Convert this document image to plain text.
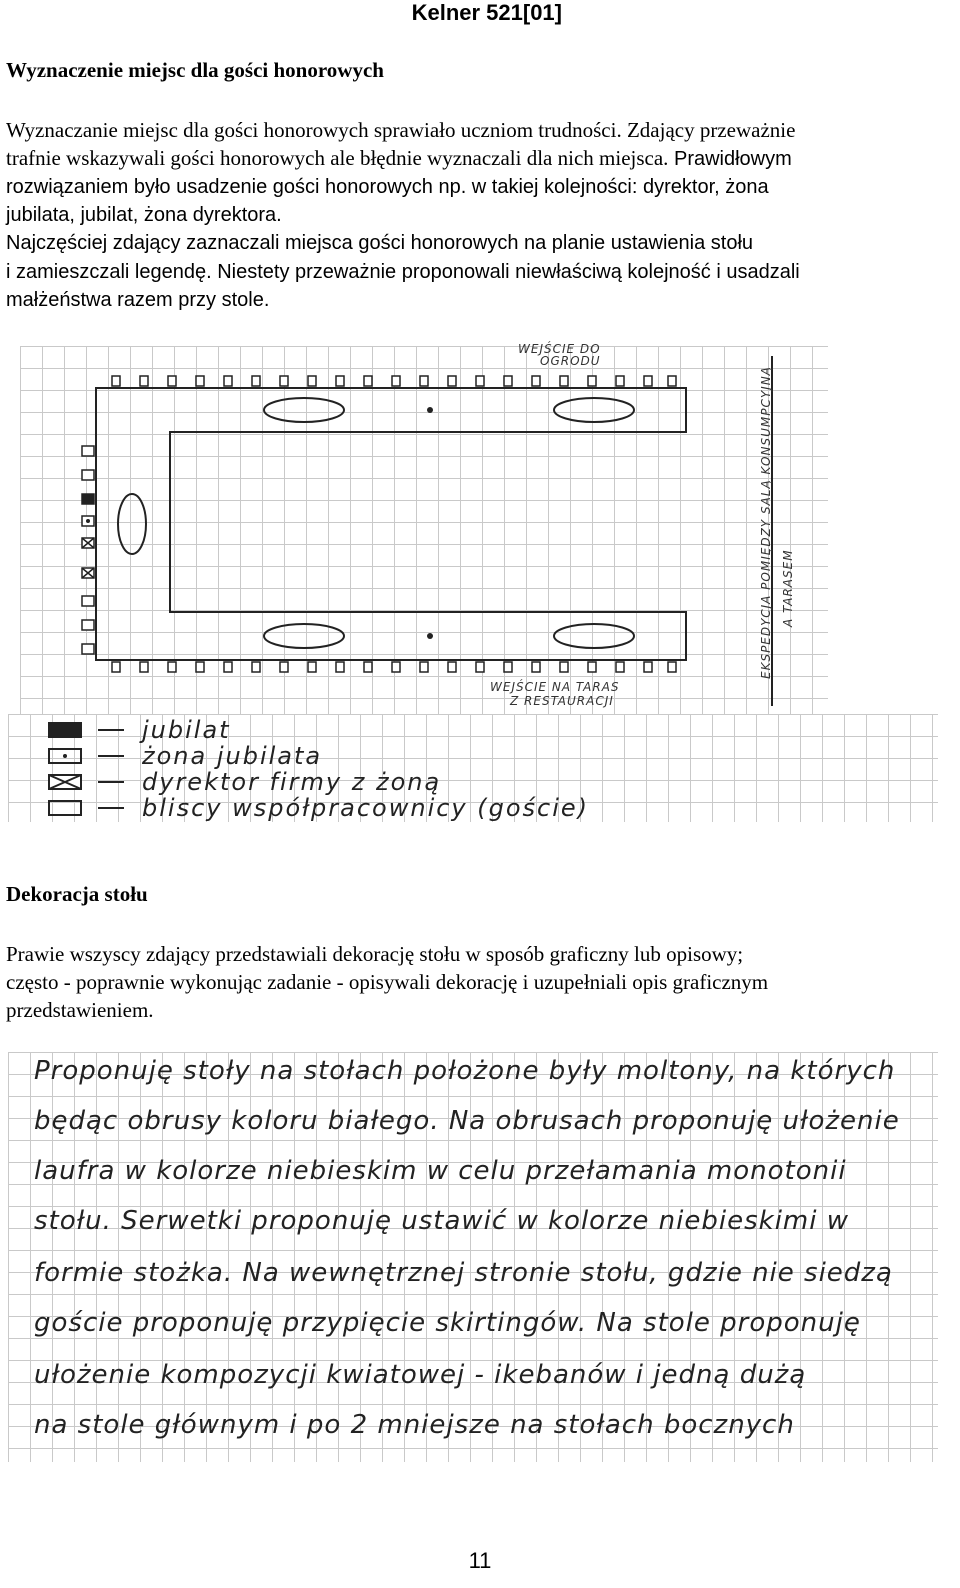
Kelner 521[01]
Wyznaczenie miejsc dla gości honorowych

Wyznaczanie miejsc dla gości honorowych sprawiało uczniom trudności. Zdający przeważnie

trafnie wskazywali gości honorowych ale błędnie wyznaczali dla nich miejsca. Prawidłowym

rozwiązaniem było usadzenie gości honorowych np. w takiej kolejności: dyrektor, żona

jubilata, jubilat, żona dyrektora.

Najczęściej zdający zaznaczali miejsca gości honorowych na planie ustawienia stołu

i zamieszczali legendę. Niestety przeważnie proponowali niewłaściwą kolejność i usadzali

małżeństwa razem przy stole.

WEJŚCIE DO
OGRODU
WEJŚCIE NA TARAS
Z RESTAURACJI
EKSPEDYCJA POMIĘDZY SALĄ KONSUMPCYJNĄ A TARASEM
jubilat
żona jubilata
dyrektor firmy z żoną
bliscy współpracownicy (goście)
Dekoracja stołu

Prawie wszyscy zdający przedstawiali dekorację stołu w sposób graficzny lub opisowy;

często - poprawnie wykonując zadanie - opisywali dekorację i uzupełniali opis graficznym

przedstawieniem.

Proponuję stoły na stołach położone były moltony, na których
będąc obrusy koloru białego. Na obrusach proponuję ułożenie
laufra w kolorze niebieskim w celu przełamania monotonii
stołu. Serwetki proponuję ustawić w kolorze niebieskimi w
formie stożka. Na wewnętrznej stronie stołu, gdzie nie siedzą
goście proponuję przypięcie skirtingów. Na stole proponuję
ułożenie kompozycji kwiatowej - ikebanów i jedną dużą
na stole głównym i po 2 mniejsze na stołach bocznych
11
